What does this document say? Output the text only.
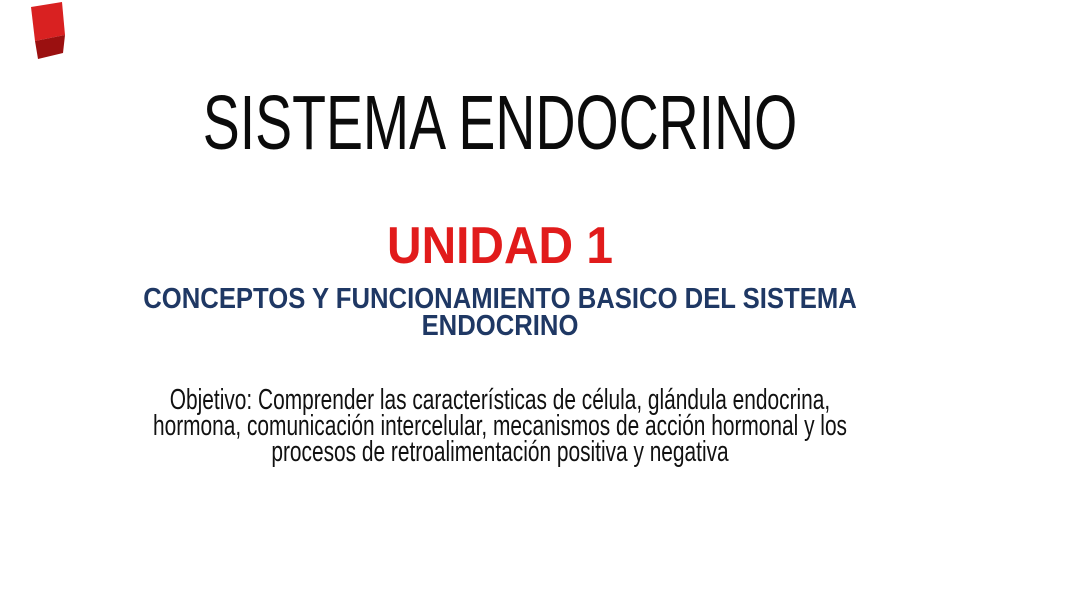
SISTEMA ENDOCRINO
UNIDAD 1
CONCEPTOS Y FUNCIONAMIENTO BASICO DEL SISTEMA
ENDOCRINO
Objetivo: Comprender las características de célula, glándula endocrina,
hormona, comunicación intercelular, mecanismos de acción hormonal y los
procesos de retroalimentación positiva y negativa
